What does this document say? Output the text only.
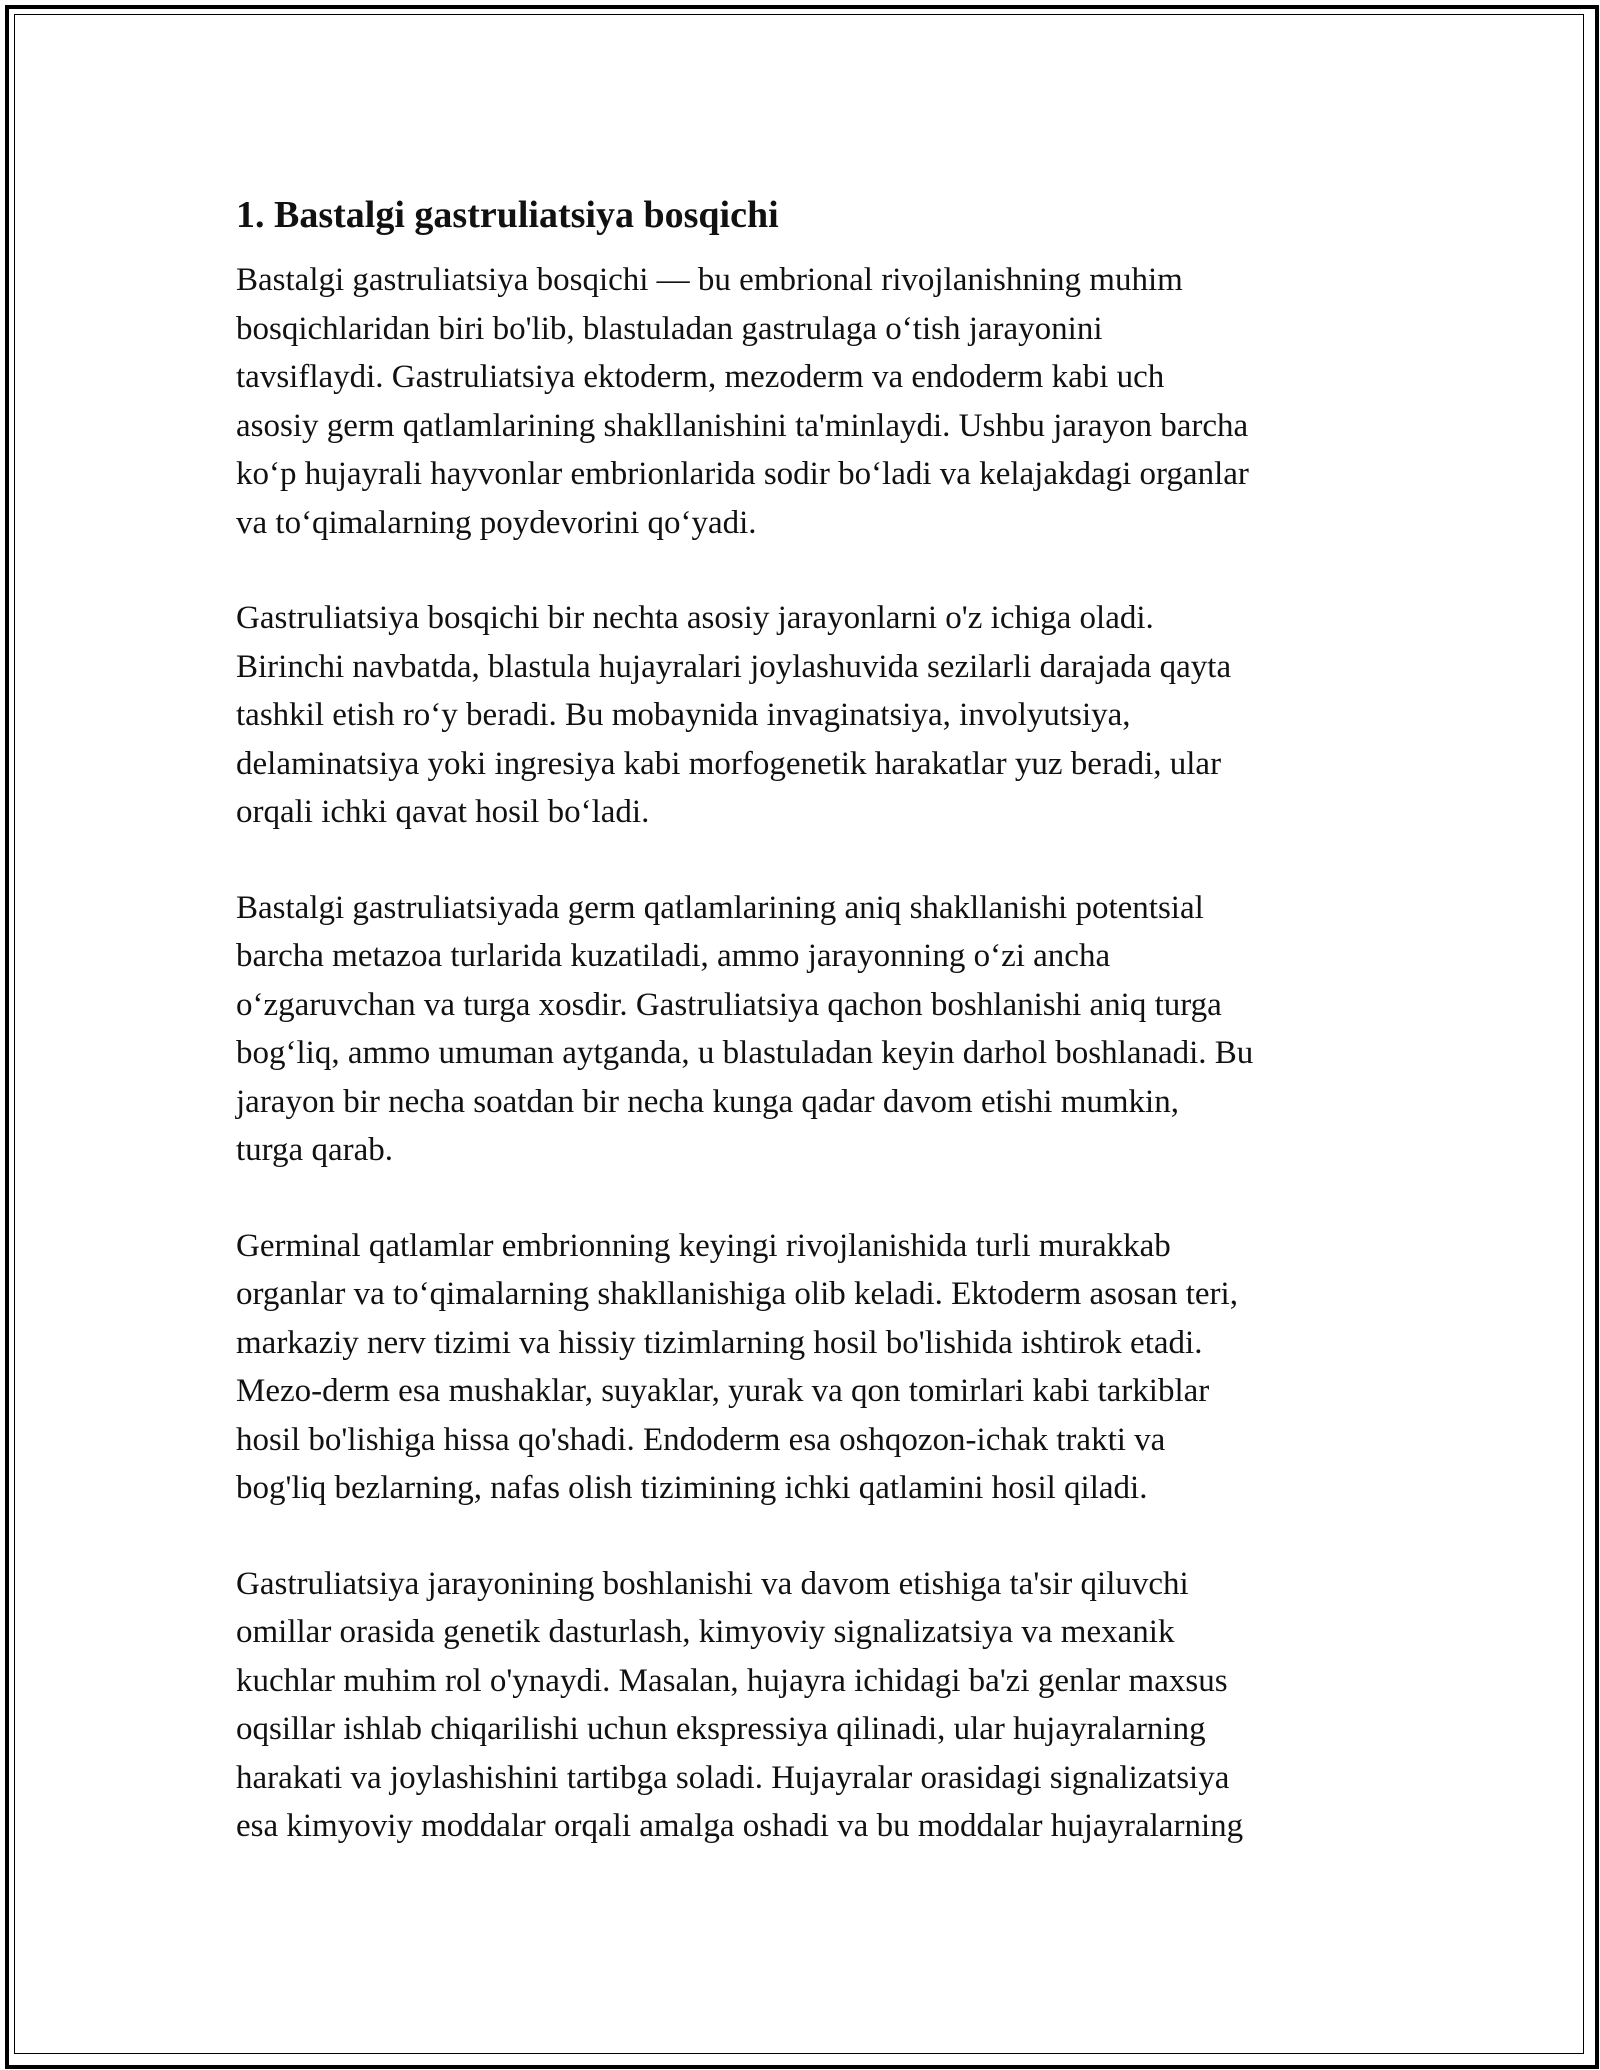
1. Bastalgi gastruliatsiya bosqichi

Bastalgi gastruliatsiya bosqichi — bu embrional rivojlanishning muhim
bosqichlaridan biri bo'lib, blastuladan gastrulaga o‘tish jarayonini
tavsiflaydi. Gastruliatsiya ektoderm, mezoderm va endoderm kabi uch
asosiy germ qatlamlarining shakllanishini ta'minlaydi. Ushbu jarayon barcha
ko‘p hujayrali hayvonlar embrionlarida sodir bo‘ladi va kelajakdagi organlar
va to‘qimalarning poydevorini qo‘yadi.

Gastruliatsiya bosqichi bir nechta asosiy jarayonlarni o'z ichiga oladi.
Birinchi navbatda, blastula hujayralari joylashuvida sezilarli darajada qayta
tashkil etish ro‘y beradi. Bu mobaynida invaginatsiya, involyutsiya,
delaminatsiya yoki ingresiya kabi morfogenetik harakatlar yuz beradi, ular
orqali ichki qavat hosil bo‘ladi.

Bastalgi gastruliatsiyada germ qatlamlarining aniq shakllanishi potentsial
barcha metazoa turlarida kuzatiladi, ammo jarayonning o‘zi ancha
o‘zgaruvchan va turga xosdir. Gastruliatsiya qachon boshlanishi aniq turga
bog‘liq, ammo umuman aytganda, u blastuladan keyin darhol boshlanadi. Bu
jarayon bir necha soatdan bir necha kunga qadar davom etishi mumkin,
turga qarab.

Germinal qatlamlar embrionning keyingi rivojlanishida turli murakkab
organlar va to‘qimalarning shakllanishiga olib keladi. Ektoderm asosan teri,
markaziy nerv tizimi va hissiy tizimlarning hosil bo'lishida ishtirok etadi.
Mezo-derm esa mushaklar, suyaklar, yurak va qon tomirlari kabi tarkiblar
hosil bo'lishiga hissa qo'shadi. Endoderm esa oshqozon-ichak trakti va
bog'liq bezlarning, nafas olish tizimining ichki qatlamini hosil qiladi.

Gastruliatsiya jarayonining boshlanishi va davom etishiga ta'sir qiluvchi
omillar orasida genetik dasturlash, kimyoviy signalizatsiya va mexanik
kuchlar muhim rol o'ynaydi. Masalan, hujayra ichidagi ba'zi genlar maxsus
oqsillar ishlab chiqarilishi uchun ekspressiya qilinadi, ular hujayralarning
harakati va joylashishini tartibga soladi. Hujayralar orasidagi signalizatsiya
esa kimyoviy moddalar orqali amalga oshadi va bu moddalar hujayralarning
